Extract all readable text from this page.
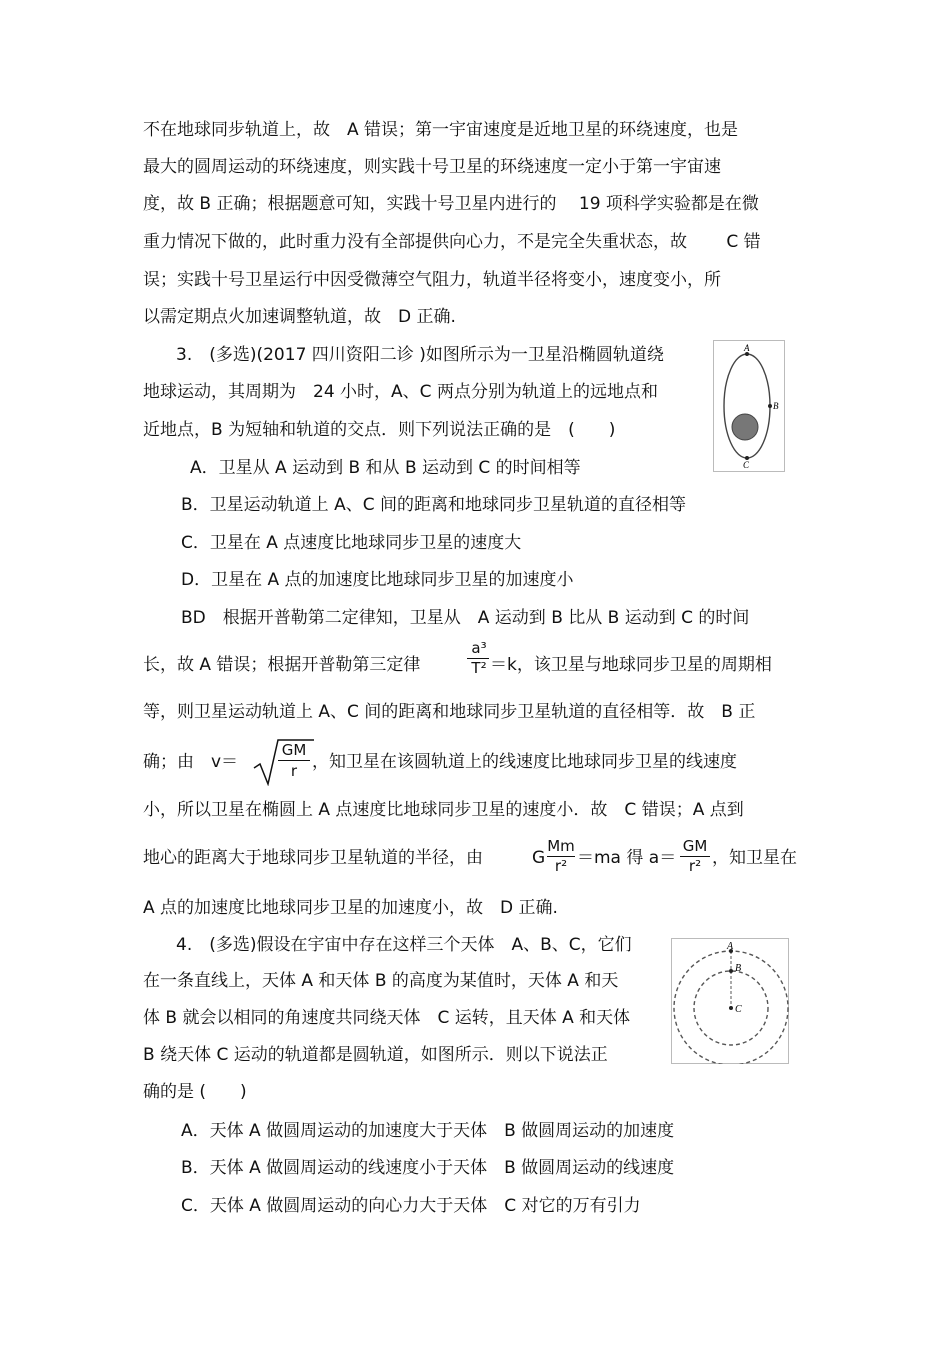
不在地球同步轨道上，故　A 错误；第一宇宙速度是近地卫星的环绕速度，也是
最大的圆周运动的环绕速度，则实践十号卫星的环绕速度一定小于第一宇宙速
度，故 B 正确；根据题意可知，实践十号卫星内进行的　 19 项科学实验都是在微
重力情况下做的，此时重力没有全部提供向心力，不是完全失重状态，故　　 C 错
误；实践十号卫星运行中因受微薄空气阻力，轨道半径将变小，速度变小，所
以需定期点火加速调整轨道，故　D 正确.
3.　(多选)(2017 四川资阳二诊 )如图所示为一卫星沿椭圆轨道绕
地球运动，其周期为　24 小时，A、C 两点分别为轨道上的远地点和
近地点，B 为短轴和轨道的交点．则下列说法正确的是　(　　)
A
B
C
A．卫星从 A 运动到 B 和从 B 运动到 C 的时间相等
B．卫星运动轨道上 A、C 间的距离和地球同步卫星轨道的直径相等
C．卫星在 A 点速度比地球同步卫星的速度大
D．卫星在 A 点的加速度比地球同步卫星的加速度小
BD　根据开普勒第二定律知，卫星从　A 运动到 B 比从 B 运动到 C 的时间
长，故 A 错误；根据开普勒第三定律
a³
T² ＝k，该卫星与地球同步卫星的周期相
等，则卫星运动轨道上 A、C 间的距离和地球同步卫星轨道的直径相等．故　B 正
确；由　v＝
GM
r ，知卫星在该圆轨道上的线速度比地球同步卫星的线速度
小，所以卫星在椭圆上 A 点速度比地球同步卫星的速度小．故　C 错误；A 点到
地心的距离大于地球同步卫星轨道的半径，由	G
Mm
r² ＝ma 得 a＝
GM
r² ，知卫星在
A 点的加速度比地球同步卫星的加速度小，故　D 正确.
4.　(多选)假设在宇宙中存在这样三个天体　A、B、C，它们
在一条直线上，天体 A 和天体 B 的高度为某值时，天体 A 和天
体 B 就会以相同的角速度共同绕天体　C 运转，且天体 A 和天体
B 绕天体 C 运动的轨道都是圆轨道，如图所示．则以下说法正
确的是 (　　)
A
B
C
A．天体 A 做圆周运动的加速度大于天体　B 做圆周运动的加速度
B．天体 A 做圆周运动的线速度小于天体　B 做圆周运动的线速度
C．天体 A 做圆周运动的向心力大于天体　C 对它的万有引力
